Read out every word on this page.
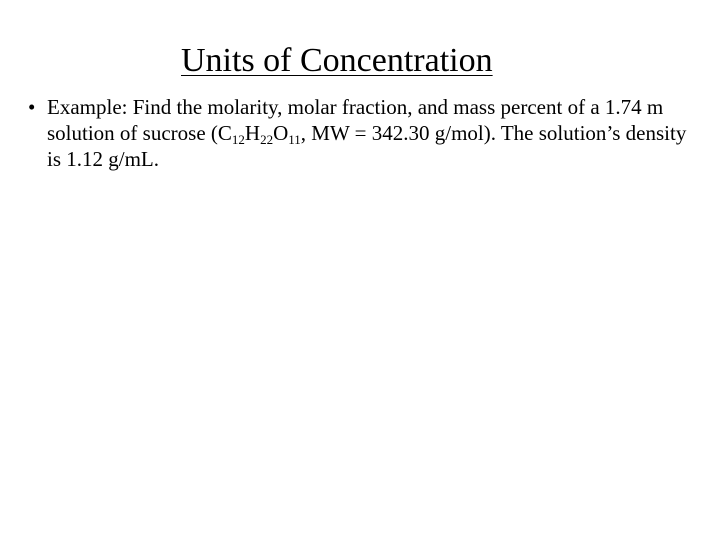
Units of Concentration
• Example: Find the molarity, molar fraction, and mass percent of a 1.74 m solution of sucrose ($C_{12}H_{22}O_{11}$, MW = 342.30 g/mol). The solution’s density is 1.12 g/mL.
